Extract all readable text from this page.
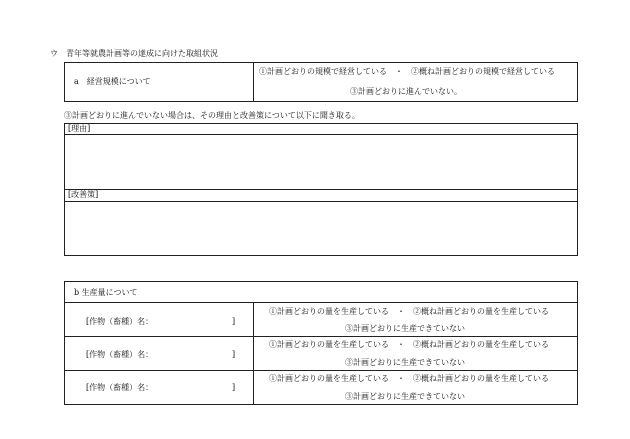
ウ　青年等就農計画等の達成に向けた取組状況
a　経営規模について
①計画どおりの規模で経営している　・　②概ね計画どおりの規模で経営している
③計画どおりに進んでいない。
③計画どおりに進んでいない場合は、その理由と改善策について以下に聞き取る。
[理由]
[改善策]
b 生産量について
[作物（畜種）名：	]
①計画どおりの量を生産している　・　②概ね計画どおりの量を生産している
③計画どおりに生産できていない
[作物（畜種）名：	]
①計画どおりの量を生産している　・　②概ね計画どおりの量を生産している
③計画どおりに生産できていない
[作物（畜種）名：	]
①計画どおりの量を生産している　・　②概ね計画どおりの量を生産している
③計画どおりに生産できていない
